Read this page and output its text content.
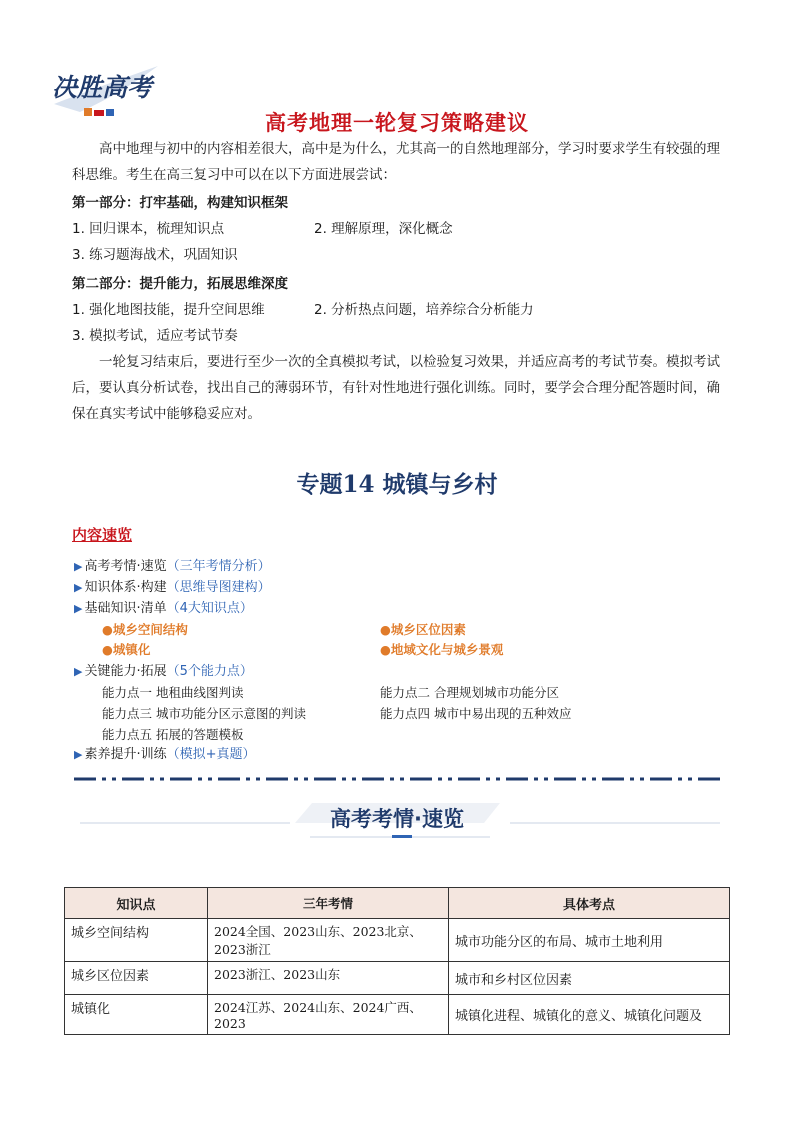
决胜高考
高考地理一轮复习策略建议
高中地理与初中的内容相差很大，高中是为什么，尤其高一的自然地理部分，学习时要求学生有较强的理科思维。考生在高三复习中可以在以下方面进展尝试：
第一部分：打牢基础，构建知识框架
1. 回归课本，梳理知识点	2. 理解原理，深化概念
3. 练习题海战术，巩固知识
第二部分：提升能力，拓展思维深度
1. 强化地图技能，提升空间思维	2. 分析热点问题，培养综合分析能力
3. 模拟考试，适应考试节奏
一轮复习结束后，要进行至少一次的全真模拟考试，以检验复习效果，并适应高考的考试节奏。模拟考试后，要认真分析试卷，找出自己的薄弱环节，有针对性地进行强化训练。同时，要学会合理分配答题时间，确保在真实考试中能够稳妥应对。
专题14 城镇与乡村
内容速览
▶ 高考考情·速览（三年考情分析）
▶ 知识体系·构建（思维导图建构）
▶ 基础知识·清单（4大知识点）
●城乡空间结构	●城乡区位因素
●城镇化	●地域文化与城乡景观
▶ 关键能力·拓展（5个能力点）
能力点一 地租曲线图判读	能力点二 合理规划城市功能分区
能力点三 城市功能分区示意图的判读	能力点四 城市中易出现的五种效应
能力点五 拓展的答题模板
▶ 素养提升·训练（模拟+真题）
高考考情·速览
知识点	三年考情	具体考点
城乡空间结构	2024全国、2023山东、2023北京、2023浙江	城市功能分区的布局、城市土地利用
城乡区位因素	2023浙江、2023山东	城市和乡村区位因素
城镇化	2024江苏、2024山东、2024广西、2023	城镇化进程、城镇化的意义、城镇化问题及
